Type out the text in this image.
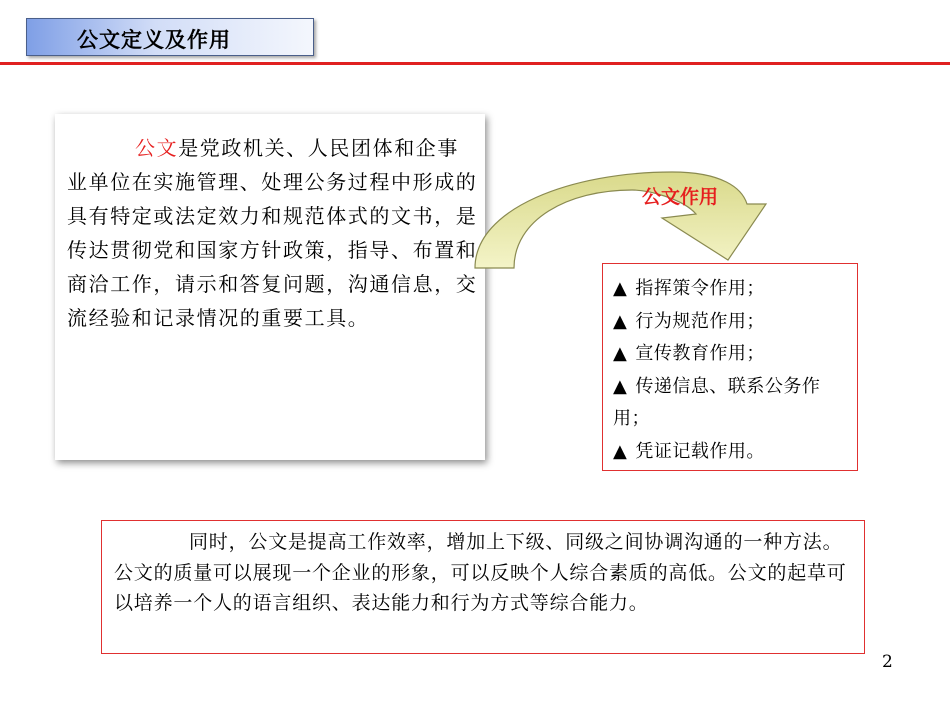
公文定义及作用

公文是党政机关、人民团体和企事业单位在实施管理、处理公务过程中形成的具有特定或法定效力和规范体式的文书，是传达贯彻党和国家方针政策，指导、布置和商洽工作，请示和答复问题，沟通信息，交流经验和记录情况的重要工具。

公文作用

▲ 指挥策令作用；
▲ 行为规范作用；
▲ 宣传教育作用；
▲ 传递信息、联系公务作用；
▲ 凭证记载作用。

同时，公文是提高工作效率，增加上下级、同级之间协调沟通的一种方法。公文的质量可以展现一个企业的形象，可以反映个人综合素质的高低。公文的起草可以培养一个人的语言组织、表达能力和行为方式等综合能力。

2
